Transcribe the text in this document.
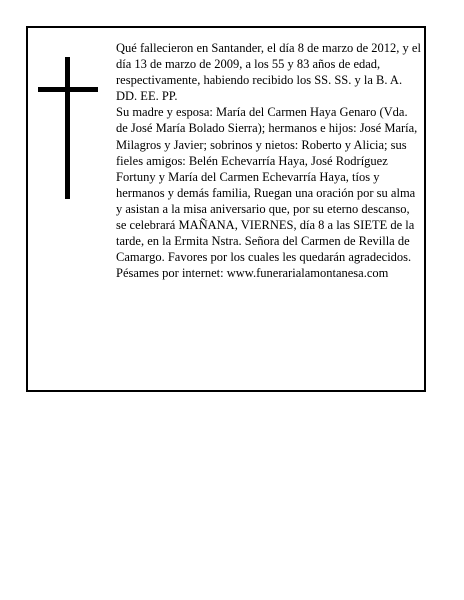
Qué fallecieron en Santander, el día 8 de marzo de 2012, y el día 13 de marzo de 2009, a los 55 y 83 años de edad, respectivamente, habiendo recibido los SS. SS. y la B. A.

DD. EE. PP.

Su madre y esposa: María del Carmen Haya Genaro (Vda. de José María Bolado Sierra); hermanos e hijos: José María, Milagros y Javier; sobrinos y nietos: Roberto y Alicia; sus fieles amigos: Belén Echevarría Haya, José Rodríguez Fortuny y María del Carmen Echevarría Haya, tíos y hermanos y demás familia, Ruegan una oración por su alma y asistan a la misa aniversario que, por su eterno descanso, se celebrará MAÑANA, VIERNES, día 8 a las SIETE de la tarde, en la Ermita Nstra. Señora del Carmen de Revilla de Camargo. Favores por los cuales les quedarán agradecidos.

Pésames por internet: www.funerarialamontanesa.com
